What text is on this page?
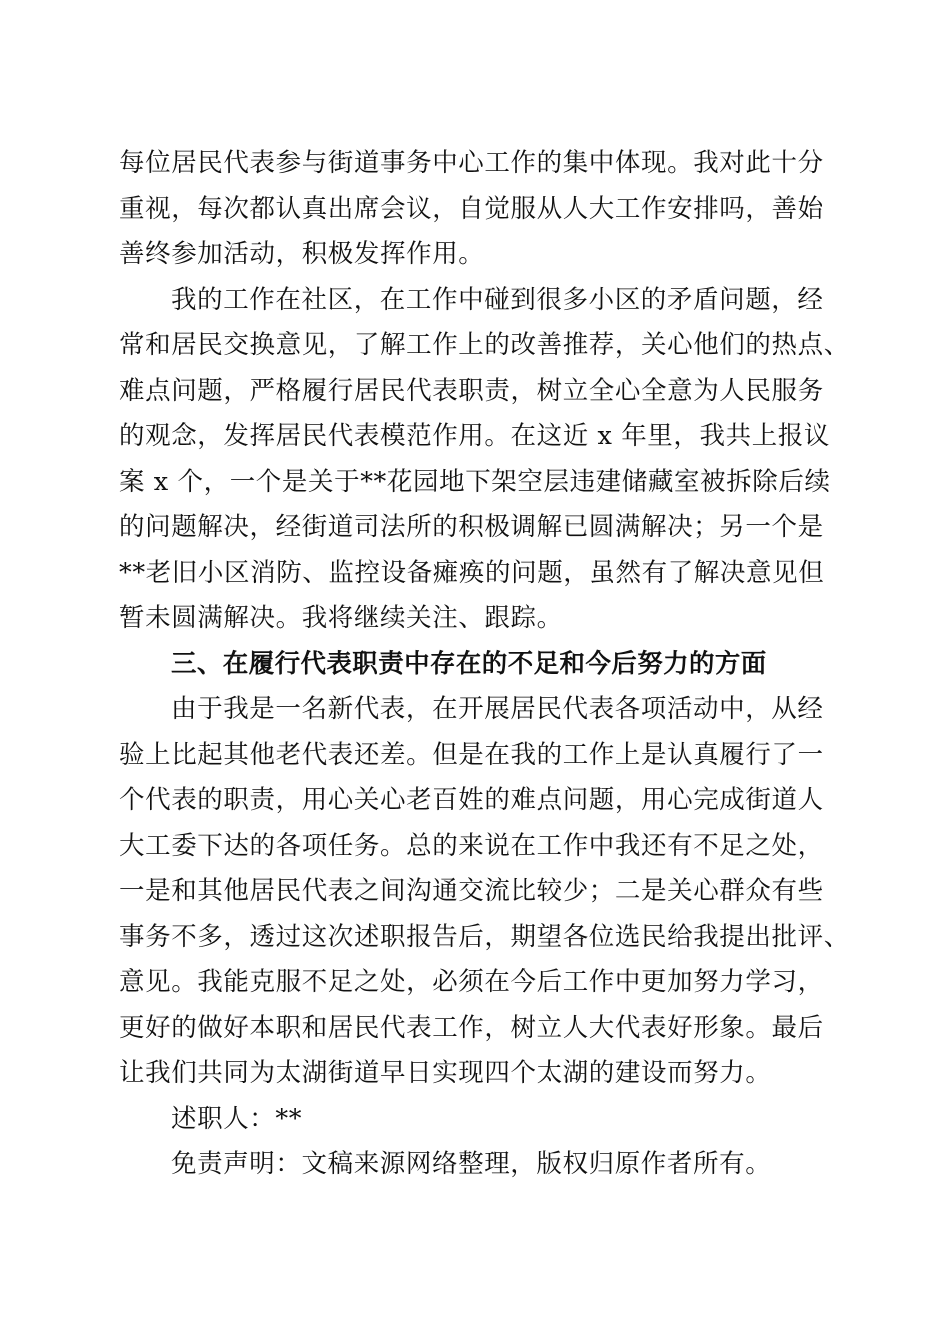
每位居民代表参与街道事务中心工作的集中体现。我对此十分
重视，每次都认真出席会议，自觉服从人大工作安排吗，善始
善终参加活动，积极发挥作用。
我的工作在社区，在工作中碰到很多小区的矛盾问题，经
常和居民交换意见，了解工作上的改善推荐，关心他们的热点、
难点问题，严格履行居民代表职责，树立全心全意为人民服务
的观念，发挥居民代表模范作用。在这近 x 年里，我共上报议
案 x 个，一个是关于**花园地下架空层违建储藏室被拆除后续
的问题解决，经街道司法所的积极调解已圆满解决；另一个是
**老旧小区消防、监控设备瘫痪的问题，虽然有了解决意见但
暂未圆满解决。我将继续关注、跟踪。
三、在履行代表职责中存在的不足和今后努力的方面
由于我是一名新代表，在开展居民代表各项活动中，从经
验上比起其他老代表还差。但是在我的工作上是认真履行了一
个代表的职责，用心关心老百姓的难点问题，用心完成街道人
大工委下达的各项任务。总的来说在工作中我还有不足之处，
一是和其他居民代表之间沟通交流比较少；二是关心群众有些
事务不多，透过这次述职报告后，期望各位选民给我提出批评、
意见。我能克服不足之处，必须在今后工作中更加努力学习，
更好的做好本职和居民代表工作，树立人大代表好形象。最后
让我们共同为太湖街道早日实现四个太湖的建设而努力。
述职人：**
免责声明：文稿来源网络整理，版权归原作者所有。
